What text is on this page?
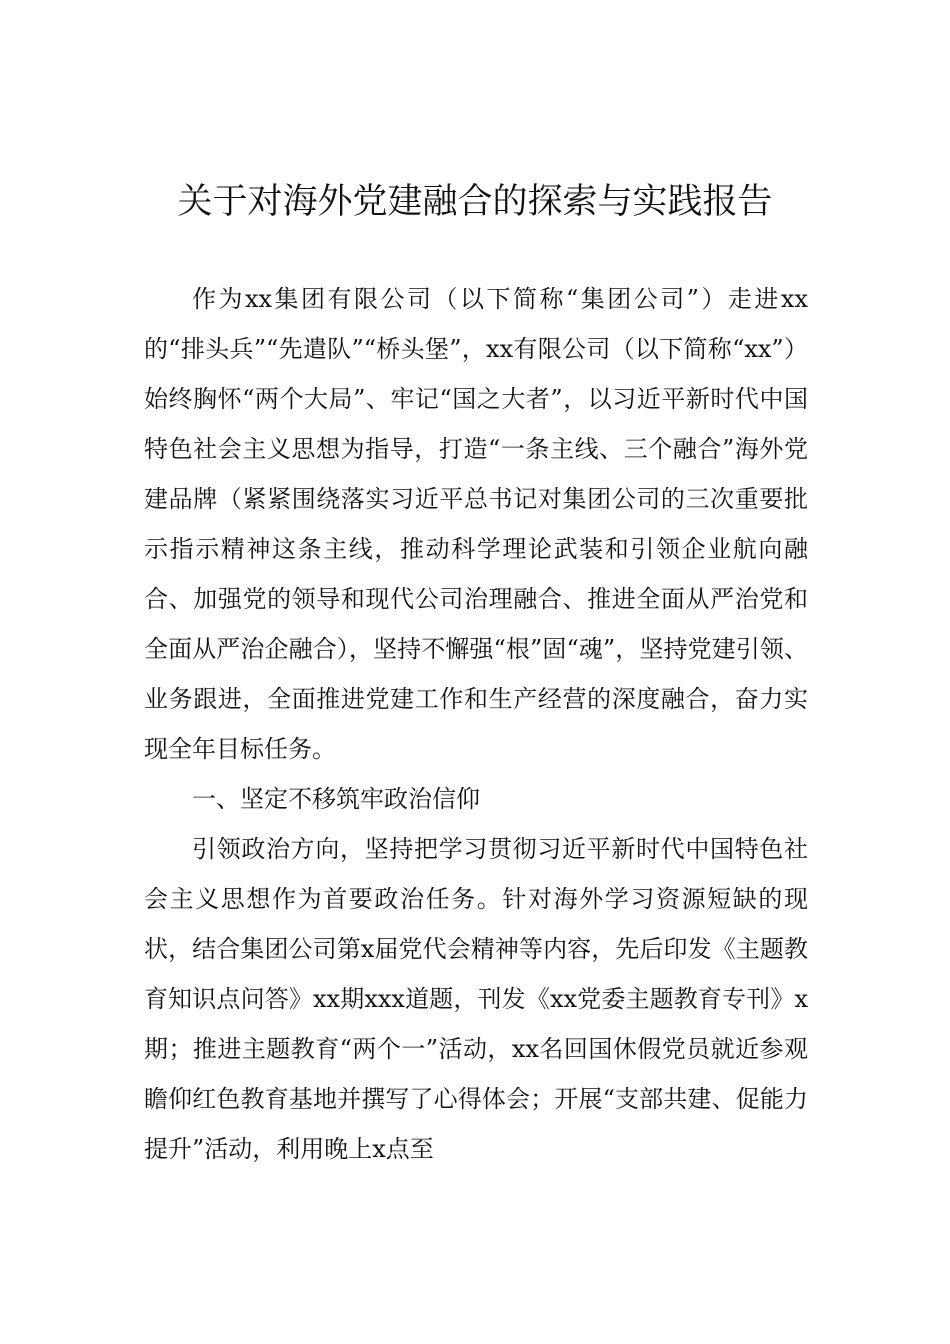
关于对海外党建融合的探索与实践报告

作为xx集团有限公司（以下简称“集团公司”）走进xx的“排头兵”“先遣队”“桥头堡”，xx有限公司（以下简称“xx”）始终胸怀“两个大局”、牢记“国之大者”，以习近平新时代中国特色社会主义思想为指导，打造“一条主线、三个融合”海外党建品牌（紧紧围绕落实习近平总书记对集团公司的三次重要批示指示精神这条主线，推动科学理论武装和引领企业航向融合、加强党的领导和现代公司治理融合、推进全面从严治党和全面从严治企融合），坚持不懈强“根”固“魂”，坚持党建引领、业务跟进，全面推进党建工作和生产经营的深度融合，奋力实现全年目标任务。

一、坚定不移筑牢政治信仰

引领政治方向，坚持把学习贯彻习近平新时代中国特色社会主义思想作为首要政治任务。针对海外学习资源短缺的现状，结合集团公司第x届党代会精神等内容，先后印发《主题教育知识点问答》xx期xxx道题，刊发《xx党委主题教育专刊》x期；推进主题教育“两个一”活动，xx名回国休假党员就近参观瞻仰红色教育基地并撰写了心得体会；开展“支部共建、促能力提升”活动，利用晚上x点至
